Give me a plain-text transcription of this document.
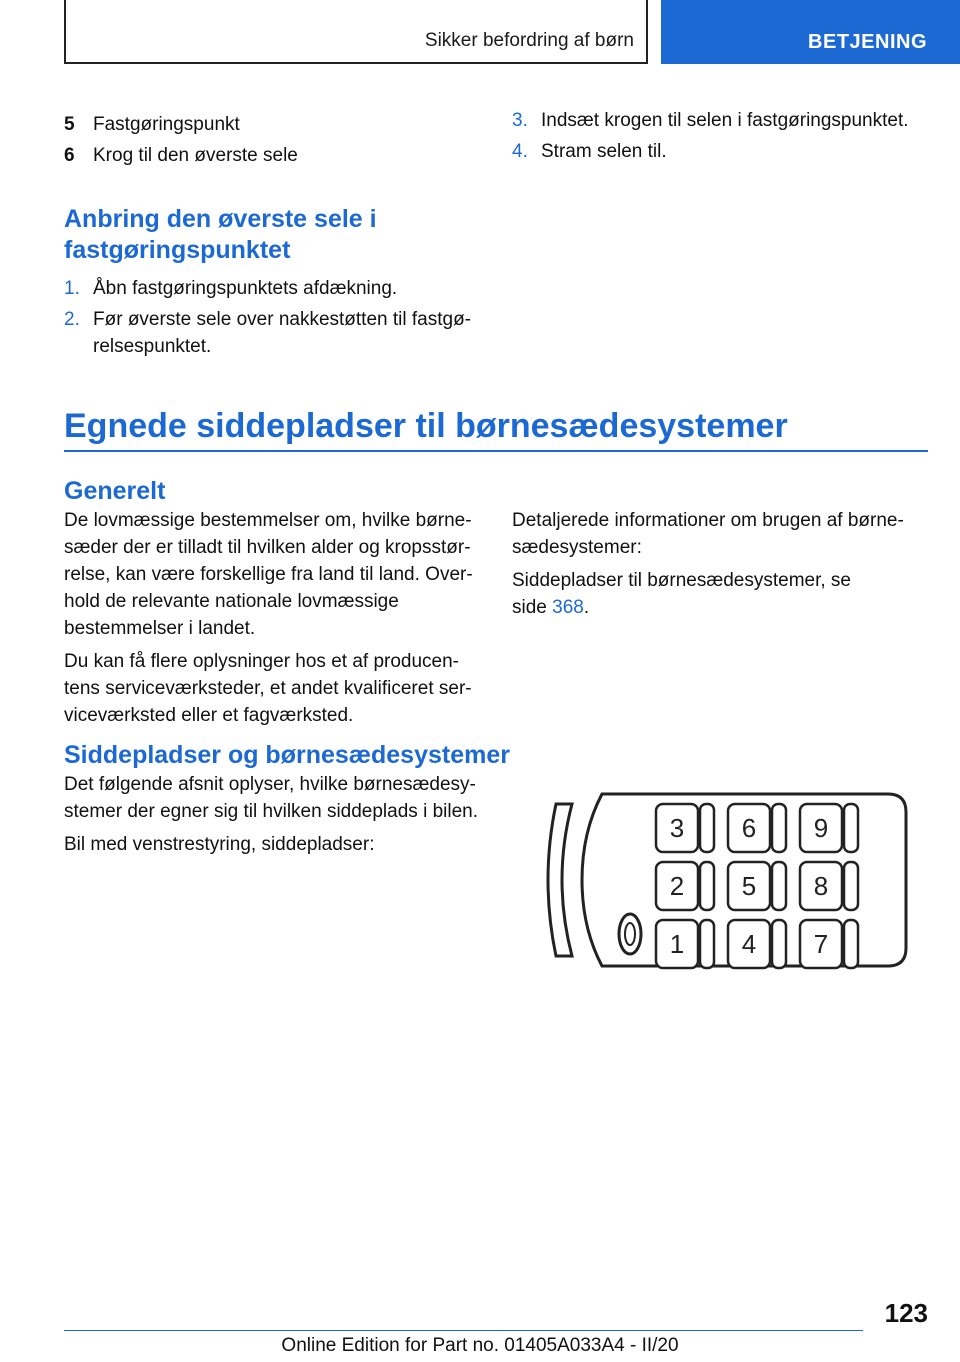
Sikker befordring af børn	BETJENING
5 Fastgøringspunkt
6 Krog til den øverste sele
Anbring den øverste sele i fastgøringspunktet
1. Åbn fastgøringspunktets afdækning.
2. Før øverste sele over nakkestøtten til fastgø-relsespunktet.
3. Indsæt krogen til selen i fastgøringspunktet.
4. Stram selen til.
Egnede siddepladser til børnesædesystemer
Generelt

De lovmæssige bestemmelser om, hvilke børne-sæder der er tilladt til hvilken alder og kropsstør-relse, kan være forskellige fra land til land. Over-hold de relevante nationale lovmæssige bestemmelser i landet.

Du kan få flere oplysninger hos et af producen-tens serviceværksteder, et andet kvalificeret ser-viceværksted eller et fagværksted.

Detaljerede informationer om brugen af børne-sædesystemer:

Siddepladser til børnesædesystemer, se side 368.

Siddepladser og børnesædesystemer

Det følgende afsnit oplyser, hvilke børnesædesy-stemer der egner sig til hvilken siddeplads i bilen.

Bil med venstrestyring, siddepladser:

3 6 9
2 5 8
1 4 7
123
Online Edition for Part no. 01405A033A4 - II/20
